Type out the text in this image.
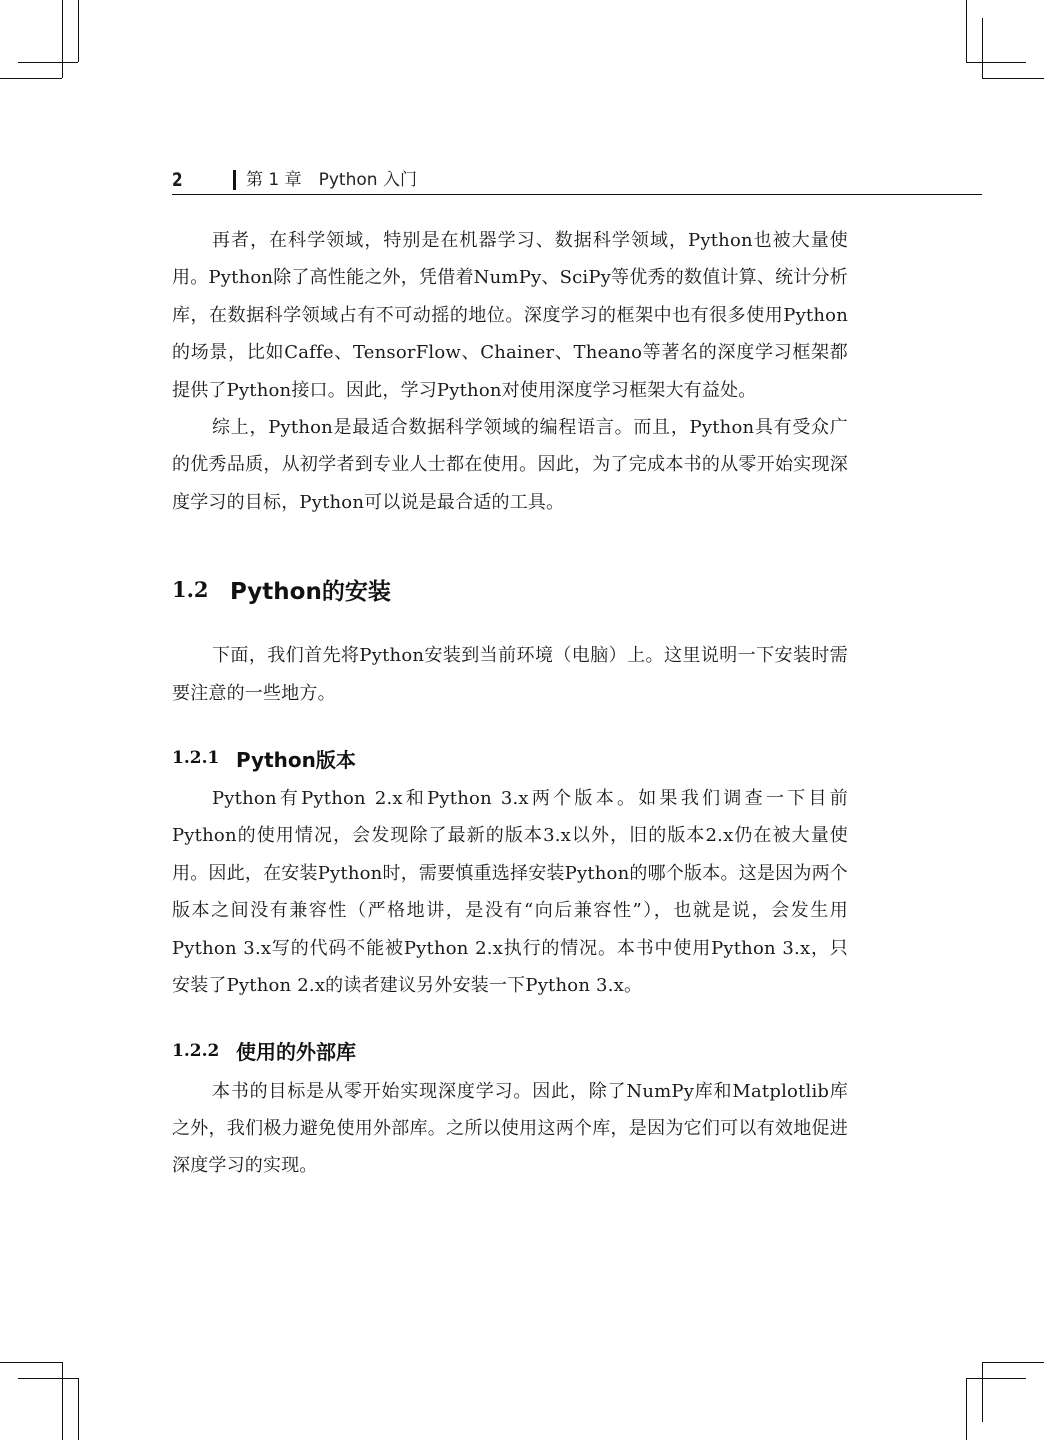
2	第 1 章　Python 入门

再者，在科学领域，特别是在机器学习、数据科学领域，Python也被大量使用。Python除了高性能之外，凭借着NumPy、SciPy等优秀的数值计算、统计分析库，在数据科学领域占有不可动摇的地位。深度学习的框架中也有很多使用Python的场景，比如Caffe、TensorFlow、Chainer、Theano等著名的深度学习框架都提供了Python接口。因此，学习Python对使用深度学习框架大有益处。

综上，Python是最适合数据科学领域的编程语言。而且，Python具有受众广的优秀品质，从初学者到专业人士都在使用。因此，为了完成本书的从零开始实现深度学习的目标，Python可以说是最合适的工具。

1.2 Python的安装

下面，我们首先将Python安装到当前环境（电脑）上。这里说明一下安装时需要注意的一些地方。

1.2.1 Python版本

Python有Python 2.x和Python 3.x两个版本。如果我们调查一下目前Python的使用情况，会发现除了最新的版本3.x以外，旧的版本2.x仍在被大量使用。因此，在安装Python时，需要慎重选择安装Python的哪个版本。这是因为两个版本之间没有兼容性（严格地讲，是没有“向后兼容性”），也就是说，会发生用Python 3.x写的代码不能被Python 2.x执行的情况。本书中使用Python 3.x，只安装了Python 2.x的读者建议另外安装一下Python 3.x。

1.2.2 使用的外部库

本书的目标是从零开始实现深度学习。因此，除了NumPy库和Matplotlib库之外，我们极力避免使用外部库。之所以使用这两个库，是因为它们可以有效地促进深度学习的实现。
